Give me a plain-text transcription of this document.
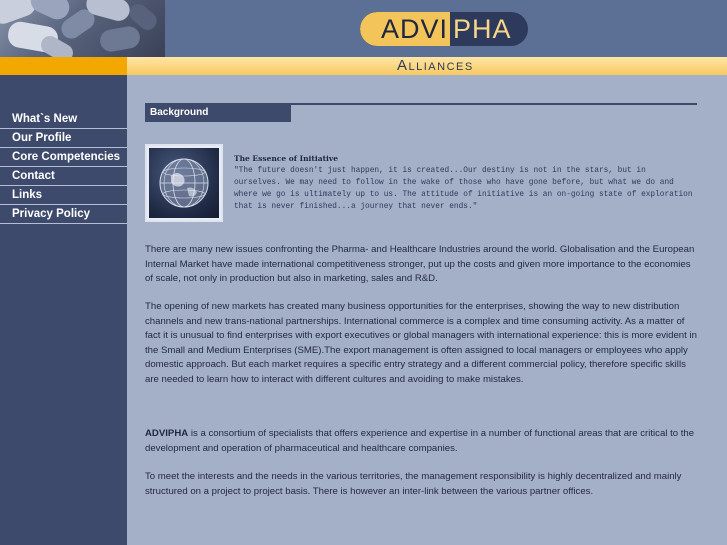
ADVI PHA
Alliances
What`s New
Our Profile
Core Competencies
Contact
Links
Privacy Policy
Background
The Essence of Initiative

"The future doesn't just happen, it is created...Our destiny is not in the stars, but in ourselves. We may need to follow in the wake of those who have gone before, but what we do and where we go is ultimately up to us. The attitude of initiative is an on-going state of exploration that is never finished...a journey that never ends."

There are many new issues confronting the Pharma- and Healthcare Industries around the world. Globalisation and the European Internal Market have made international competitiveness stronger, put up the costs and given more importance to the economies of scale, not only in production but also in marketing, sales and R&D.

The opening of new markets has created many business opportunities for the enterprises, showing the way to new distribution channels and new trans-national partnerships. International commerce is a complex and time consuming activity. As a matter of fact it is unusual to find enterprises with export executives or global managers with international experience: this is more evident in the Small and Medium Enterprises (SME).The export management is often assigned to local managers or employees who apply domestic approach. But each market requires a specific entry strategy and a different commercial policy, therefore specific skills are needed to learn how to interact with different cultures and avoiding to make mistakes.

ADVIPHA is a consortium of specialists that offers experience and expertise in a number of functional areas that are critical to the development and operation of pharmaceutical and healthcare companies.

To meet the interests and the needs in the various territories, the management responsibility is highly decentralized and mainly structured on a project to project basis. There is however an inter-link between the various partner offices.
